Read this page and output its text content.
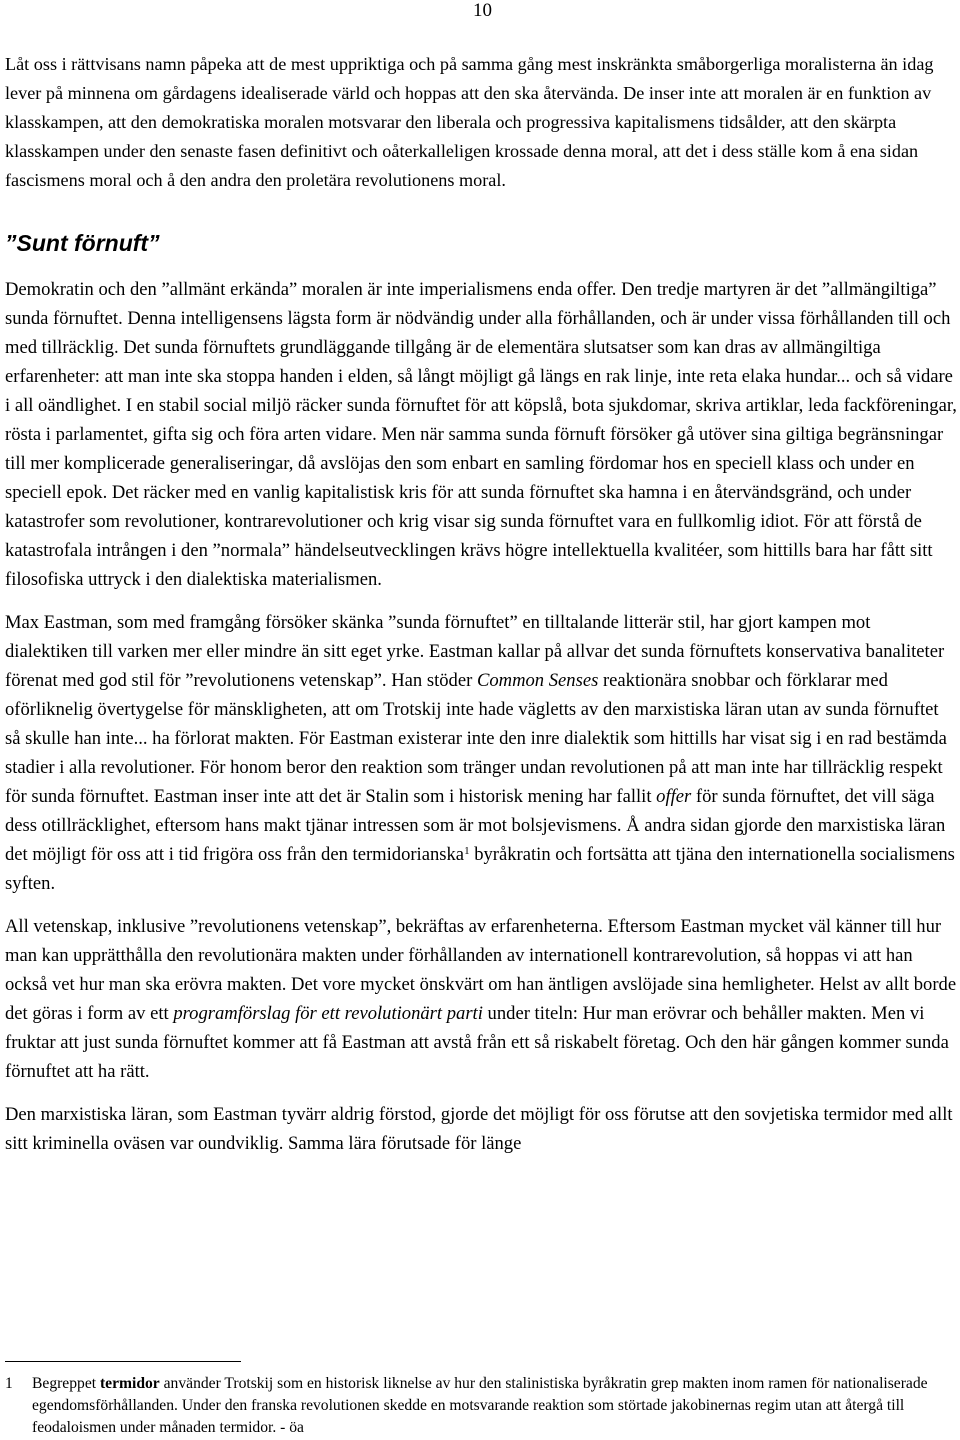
10

Låt oss i rättvisans namn påpeka att de mest uppriktiga och på samma gång mest inskränkta småborgerliga moralisterna än idag lever på minnena om gårdagens idealiserade värld och hoppas att den ska återvända. De inser inte att moralen är en funktion av klasskampen, att den demokratiska moralen motsvarar den liberala och progressiva kapitalismens tidsålder, att den skärpta klasskampen under den senaste fasen definitivt och oåterkalleligen krossade denna moral, att det i dess ställe kom å ena sidan fascismens moral och å den andra den proletära revolutionens moral.

”Sunt förnuft”

Demokratin och den ”allmänt erkända” moralen är inte imperialismens enda offer. Den tredje martyren är det ”allmängiltiga” sunda förnuftet. Denna intelligensens lägsta form är nödvändig under alla förhållanden, och är under vissa förhållanden till och med tillräcklig. Det sunda förnuftets grundläggande tillgång är de elementära slutsatser som kan dras av allmängiltiga erfarenheter: att man inte ska stoppa handen i elden, så långt möjligt gå längs en rak linje, inte reta elaka hundar... och så vidare i all oändlighet. I en stabil social miljö räcker sunda förnuftet för att köpslå, bota sjukdomar, skriva artiklar, leda fackföreningar, rösta i parlamentet, gifta sig och föra arten vidare. Men när samma sunda förnuft försöker gå utöver sina giltiga begränsningar till mer komplicerade generaliseringar, då avslöjas den som enbart en samling fördomar hos en speciell klass och under en speciell epok. Det räcker med en vanlig kapitalistisk kris för att sunda förnuftet ska hamna i en återvändsgränd, och under katastrofer som revolutioner, kontrarevolutioner och krig visar sig sunda förnuftet vara en fullkomlig idiot. För att förstå de katastrofala intrången i den ”normala” händelseutvecklingen krävs högre intellektuella kvalitéer, som hittills bara har fått sitt filosofiska uttryck i den dialektiska materialismen.

Max Eastman, som med framgång försöker skänka ”sunda förnuftet” en tilltalande litterär stil, har gjort kampen mot dialektiken till varken mer eller mindre än sitt eget yrke. Eastman kallar på allvar det sunda förnuftets konservativa banaliteter förenat med god stil för ”revolutionens vetenskap”. Han stöder Common Senses reaktionära snobbar och förklarar med oförliknelig övertygelse för mänskligheten, att om Trotskij inte hade vägletts av den marxistiska läran utan av sunda förnuftet så skulle han inte... ha förlorat makten. För Eastman existerar inte den inre dialektik som hittills har visat sig i en rad bestämda stadier i alla revolutioner. För honom beror den reaktion som tränger undan revolutionen på att man inte har tillräcklig respekt för sunda förnuftet. Eastman inser inte att det är Stalin som i historisk mening har fallit offer för sunda förnuftet, det vill säga dess otillräcklighet, eftersom hans makt tjänar intressen som är mot bolsjevismens. Å andra sidan gjorde den marxistiska läran det möjligt för oss att i tid frigöra oss från den termidorianska$^1$ byråkratin och fortsätta att tjäna den internationella socialismens syften.

All vetenskap, inklusive ”revolutionens vetenskap”, bekräftas av erfarenheterna. Eftersom Eastman mycket väl känner till hur man kan upprätthålla den revolutionära makten under förhållanden av internationell kontrarevolution, så hoppas vi att han också vet hur man ska erövra makten. Det vore mycket önskvärt om han äntligen avslöjade sina hemligheter. Helst av allt borde det göras i form av ett programförslag för ett revolutionärt parti under titeln: Hur man erövrar och behåller makten. Men vi fruktar att just sunda förnuftet kommer att få Eastman att avstå från ett så riskabelt företag. Och den här gången kommer sunda förnuftet att ha rätt.

Den marxistiska läran, som Eastman tyvärr aldrig förstod, gjorde det möjligt för oss förutse att den sovjetiska termidor med allt sitt kriminella oväsen var oundviklig. Samma lära förutsade för länge

1	Begreppet termidor använder Trotskij som en historisk liknelse av hur den stalinistiska byråkratin grep makten inom ramen för nationaliserade egendomsförhållanden. Under den franska revolutionen skedde en motsvarande reaktion som störtade jakobinernas regim utan att återgå till feodaloismen under månaden termidor. - öa
